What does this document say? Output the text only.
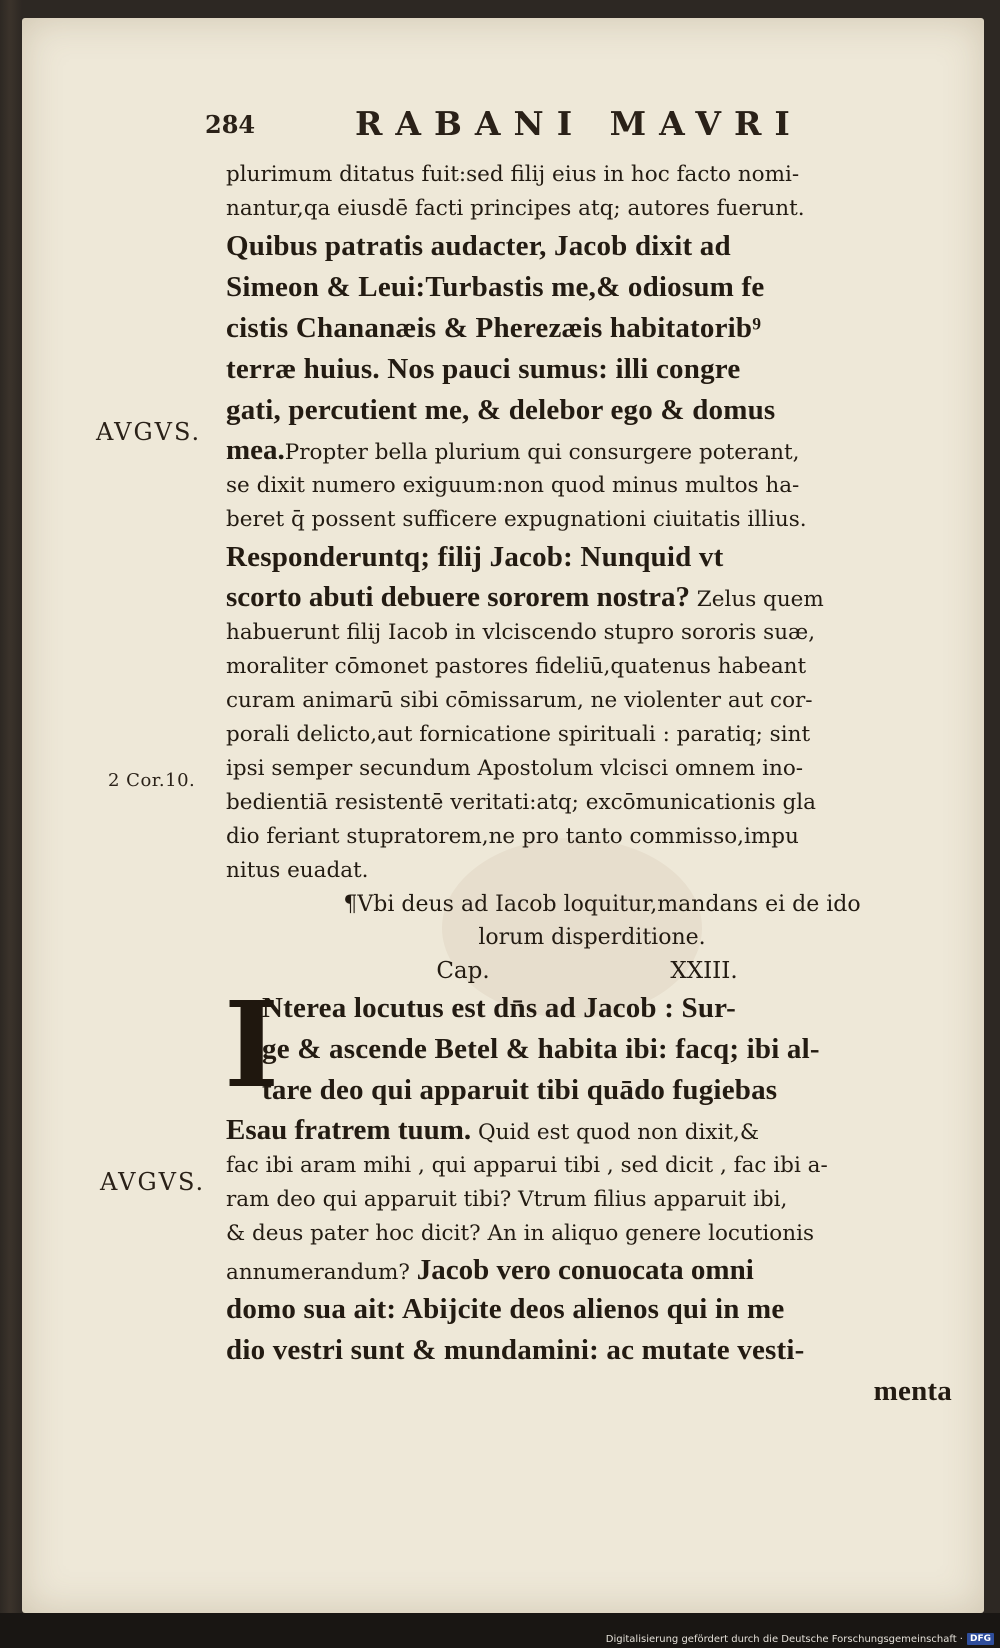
284	RABANI MAVRI
AVGVS.
2 Cor.10.
AVGVS.
plurimum ditatus fuit:sed filij eius in hoc facto nomi-
nantur,qa eiusdē facti principes atq; autores fuerunt.
Quibus patratis audacter, Jacob dixit ad
Simeon & Leui:Turbastis me,& odiosum fe
cistis Chananæis & Pherezæis habitatorib⁹
terræ huius. Nos pauci sumus: illi congre
gati, percutient me, & delebor ego & domus
mea.Propter bella plurium qui consurgere poterant,
se dixit numero exiguum:non quod minus multos ha-
beret q̄ possent sufficere expugnationi ciuitatis illius.
Responderuntq; filij Jacob: Nunquid vt
scorto abuti debuere sororem nostra? Zelus quem
habuerunt filij Iacob in vlciscendo stupro sororis suæ,
moraliter cōmonet pastores fideliū,quatenus habeant
curam animarū sibi cōmissarum, ne violenter aut cor-
porali delicto,aut fornicatione spirituali : paratiq; sint
ipsi semper secundum Apostolum vlcisci omnem ino-
bedientiā resistentē veritati:atq; excōmunicationis gla
dio feriant stupratorem,ne pro tanto commisso,impu
nitus euadat.
¶Vbi deus ad Iacob loquitur,mandans ei de ido
lorum disperditione.
Cap.	XXIII.
I
Nterea locutus est dn̄s ad Jacob : Sur-
ge & ascende Betel & habita ibi: facq; ibi al-
tare deo qui apparuit tibi quādo fugiebas
Esau fratrem tuum. Quid est quod non dixit,&
fac ibi aram mihi , qui apparui tibi , sed dicit , fac ibi a-
ram deo qui apparuit tibi? Vtrum filius apparuit ibi,
& deus pater hoc dicit? An in aliquo genere locutionis
annumerandum? Jacob vero conuocata omni
domo sua ait: Abijcite deos alienos qui in me
dio vestri sunt & mundamini: ac mutate vesti-
menta
Digitalisierung gefördert durch die Deutsche Forschungsgemeinschaft · DFG
